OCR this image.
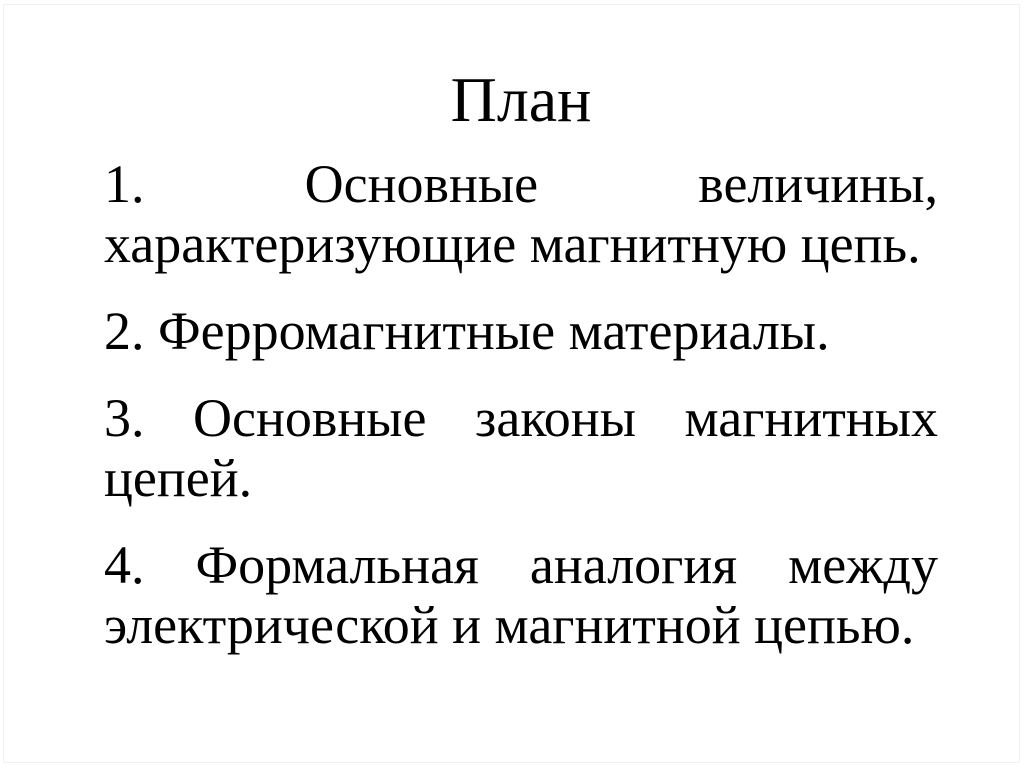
План

1. Основные величины,
характеризующие магнитную цепь.

2. Ферромагнитные материалы.

3. Основные законы магнитных
цепей.

4. Формальная аналогия между
электрической и магнитной цепью.
